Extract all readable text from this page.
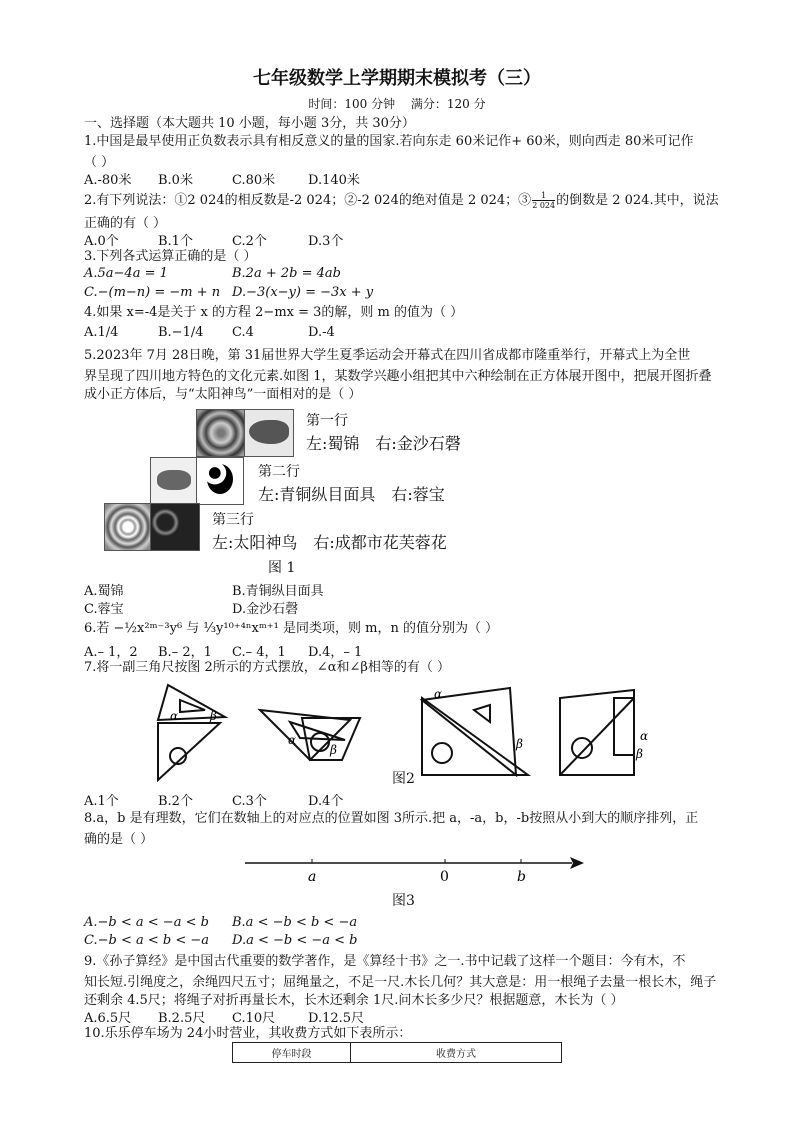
七年级数学上学期期末模拟考（三）
时间：100 分钟　 满分：120 分
一、选择题（本大题共 10 小题，每小题 3分，共 30分）
1.中国是最早使用正负数表示具有相反意义的量的国家.若向东走 60米记作+ 60米，则向西走 80米可记作
（ ）
A.-80米 B.0米	C.80米	D.140米
2.有下列说法：①2 024的相反数是-2 024；②-2 024的绝对值是 2 024；③ $\frac{1}{2 024}$ 的倒数是 2 024.其中，说法
正确的有（ ）
A.0个	B.1个	C.2个	D.3个
3.下列各式运算正确的是（ ）
A.5a−4a = 1	B.2a + 2b = 4ab
C.−(m−n) = −m + n D.−3(x−y) = −3x + y
4.如果 x=-4是关于 x 的方程 2−mx = 3的解，则 m 的值为（ ）
A.1/4	B.−1/4 C.4	D.-4
5.2023年 7月 28日晚，第 31届世界大学生夏季运动会开幕式在四川省成都市隆重举行，开幕式上为全世
界呈现了四川地方特色的文化元素.如图 1，某数学兴趣小组把其中六种绘制在正方体展开图中，把展开图折叠
成小正方体后，与“太阳神鸟”一面相对的是（ ）
第一行
左:蜀锦　右:金沙石磬
第二行
左:青铜纵目面具　右:蓉宝
第三行
左:太阳神鸟　右:成都市花芙蓉花
图 1
A.蜀锦	B.青铜纵目面具
C.蓉宝	D.金沙石磬
6.若 −½x²ᵐ⁻³y⁶ 与 ⅓y¹⁰⁺⁴ⁿxᵐ⁺¹ 是同类项，则 m，n 的值分别为（ ）
A.– 1，2 B.– 2，1 C.– 4，1 D.4，– 1
7.将一副三角尺按图 2所示的方式摆放，∠α和∠β相等的有（ ）
α	β
α
β
α
β
α
β
图2
A.1个	B.2个	C.3个	D.4个
8.a，b 是有理数，它们在数轴上的对应点的位置如图 3所示.把 a，-a，b，-b按照从小到大的顺序排列，正
确的是（ ）
a	0	b
图3
A.−b < a < −a < b B.a < −b < b < −a
C.−b < a < b < −a D.a < −b < −a < b
9.《孙子算经》是中国古代重要的数学著作，是《算经十书》之一.书中记载了这样一个题目：今有木，不
知长短.引绳度之，余绳四尺五寸；屈绳量之，不足一尺.木长几何？其大意是：用一根绳子去量一根长木，绳子
还剩余 4.5尺；将绳子对折再量长木，长木还剩余 1尺.问木长多少尺？根据题意，木长为（ ）
A.6.5尺 B.2.5尺 C.10尺	D.12.5尺
10.乐乐停车场为 24小时营业，其收费方式如下表所示：
停车时段	收费方式
